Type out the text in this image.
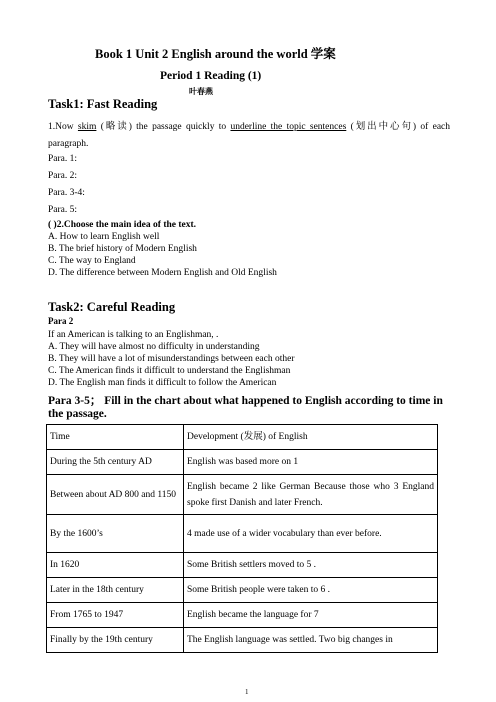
Book 1 Unit 2 English around the world 学案
Period 1 Reading (1)
叶春燕
Task1: Fast Reading
1.Now skim (略读) the passage quickly to underline the topic sentences (划出中心句) of each paragraph.
Para. 1:
Para. 2:
Para. 3-4:
Para. 5:
( )2.Choose the main idea of the text.
A. How to learn English well
B. The brief history of Modern English
C. The way to England
D. The difference between Modern English and Old English
Task2: Careful Reading
Para 2
If an American is talking to an Englishman, .
A. They will have almost no difficulty in understanding
B. They will have a lot of misunderstandings between each other
C. The American finds it difficult to understand the Englishman
D. The English man finds it difficult to follow the American
Para 3-5； Fill in the chart about what happened to English according to time in
the passage.
Time	Development (发展) of English
During the 5th century AD	English was based more on 1
Between about AD 800 and 1150	English became 2 like German Because those who 3 England spoke first Danish and later French.
By the 1600’s	4 made use of a wider vocabulary than ever before.
In 1620	Some British settlers moved to 5 .
Later in the 18th century	Some British people were taken to 6 .
From 1765 to 1947	English became the language for 7
Finally by the 19th century	The English language was settled. Two big changes in
1
